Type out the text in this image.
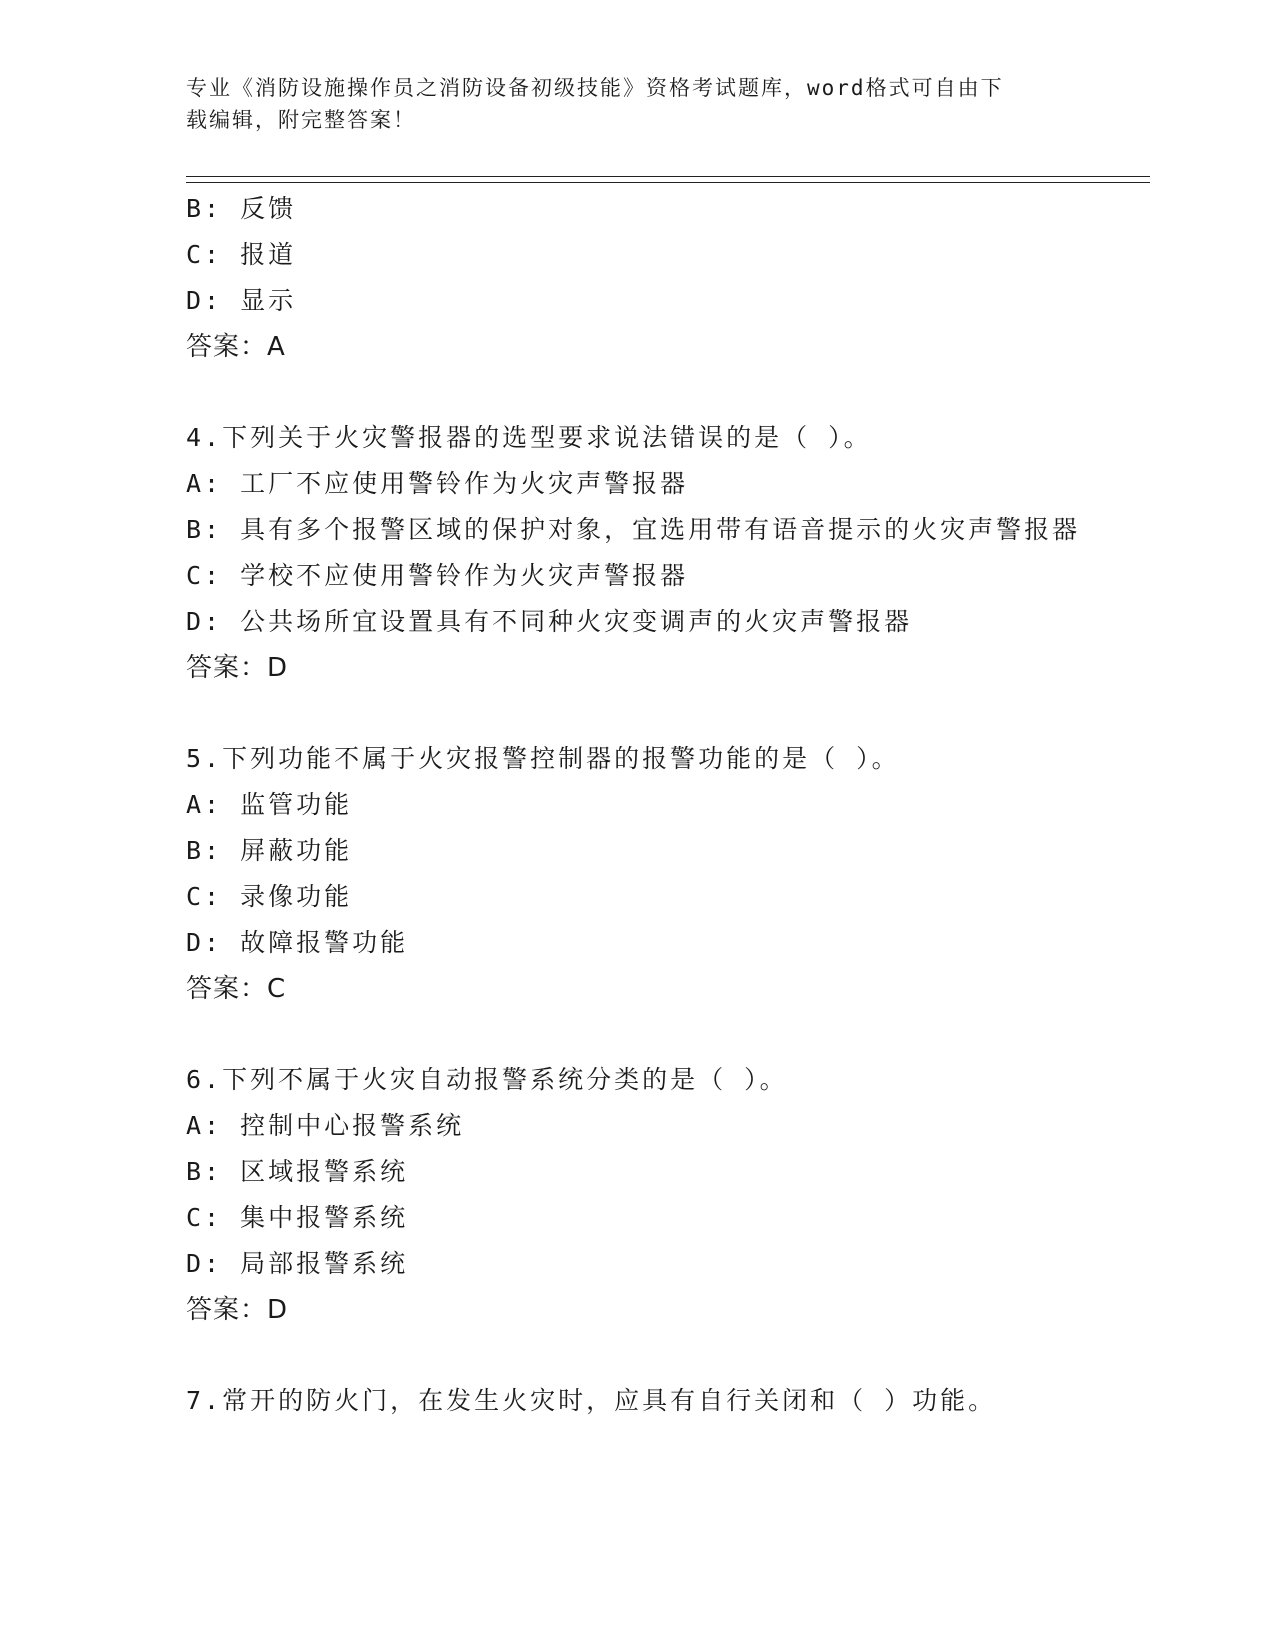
专业《消防设施操作员之消防设备初级技能》资格考试题库，word格式可自由下
载编辑，附完整答案！
B: 反馈
C: 报道
D: 显示
答案：A
4.下列关于火灾警报器的选型要求说法错误的是（ ）。
A: 工厂不应使用警铃作为火灾声警报器
B: 具有多个报警区域的保护对象，宜选用带有语音提示的火灾声警报器
C: 学校不应使用警铃作为火灾声警报器
D: 公共场所宜设置具有不同种火灾变调声的火灾声警报器
答案：D
5.下列功能不属于火灾报警控制器的报警功能的是（ ）。
A: 监管功能
B: 屏蔽功能
C: 录像功能
D: 故障报警功能
答案：C
6.下列不属于火灾自动报警系统分类的是（ ）。
A: 控制中心报警系统
B: 区域报警系统
C: 集中报警系统
D: 局部报警系统
答案：D
7.常开的防火门，在发生火灾时，应具有自行关闭和（ ）功能。
